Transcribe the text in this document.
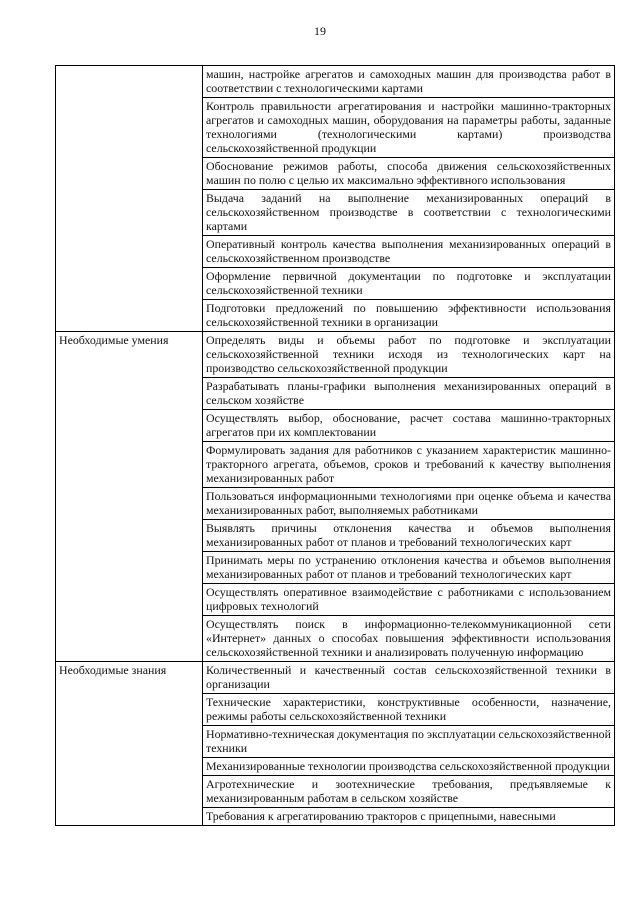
19
	машин, настройке агрегатов и самоходных машин для производства работ в соответствии с технологическими картами
	Контроль правильности агрегатирования и настройки машинно-тракторных агрегатов и самоходных машин, оборудования на параметры работы, заданные технологиями (технологическими картами) производства сельскохозяйственной продукции
	Обоснование режимов работы, способа движения сельскохозяйственных машин по полю с целью их максимально эффективного использования
	Выдача заданий на выполнение механизированных операций в сельскохозяйственном производстве в соответствии с технологическими картами
	Оперативный контроль качества выполнения механизированных операций в сельскохозяйственном производстве
	Оформление первичной документации по подготовке и эксплуатации сельскохозяйственной техники
	Подготовки предложений по повышению эффективности использования сельскохозяйственной техники в организации
Необходимые умения	Определять виды и объемы работ по подготовке и эксплуатации сельскохозяйственной техники исходя из технологических карт на производство сельскохозяйственной продукции
	Разрабатывать планы-графики выполнения механизированных операций в сельском хозяйстве
	Осуществлять выбор, обоснование, расчет состава машинно-тракторных агрегатов при их комплектовании
	Формулировать задания для работников с указанием характеристик машинно-тракторного агрегата, объемов, сроков и требований к качеству выполнения механизированных работ
	Пользоваться информационными технологиями при оценке объема и качества механизированных работ, выполняемых работниками
	Выявлять причины отклонения качества и объемов выполнения механизированных работ от планов и требований технологических карт
	Принимать меры по устранению отклонения качества и объемов выполнения механизированных работ от планов и требований технологических карт
	Осуществлять оперативное взаимодействие с работниками с использованием цифровых технологий
	Осуществлять поиск в информационно-телекоммуникационной сети «Интернет» данных о способах повышения эффективности использования сельскохозяйственной техники и анализировать полученную информацию
Необходимые знания	Количественный и качественный состав сельскохозяйственной техники в организации
	Технические характеристики, конструктивные особенности, назначение, режимы работы сельскохозяйственной техники
	Нормативно-техническая документация по эксплуатации сельскохозяйственной техники
	Механизированные технологии производства сельскохозяйственной продукции
	Агротехнические и зоотехнические требования, предъявляемые к механизированным работам в сельском хозяйстве
	Требования к агрегатированию тракторов с прицепными, навесными
